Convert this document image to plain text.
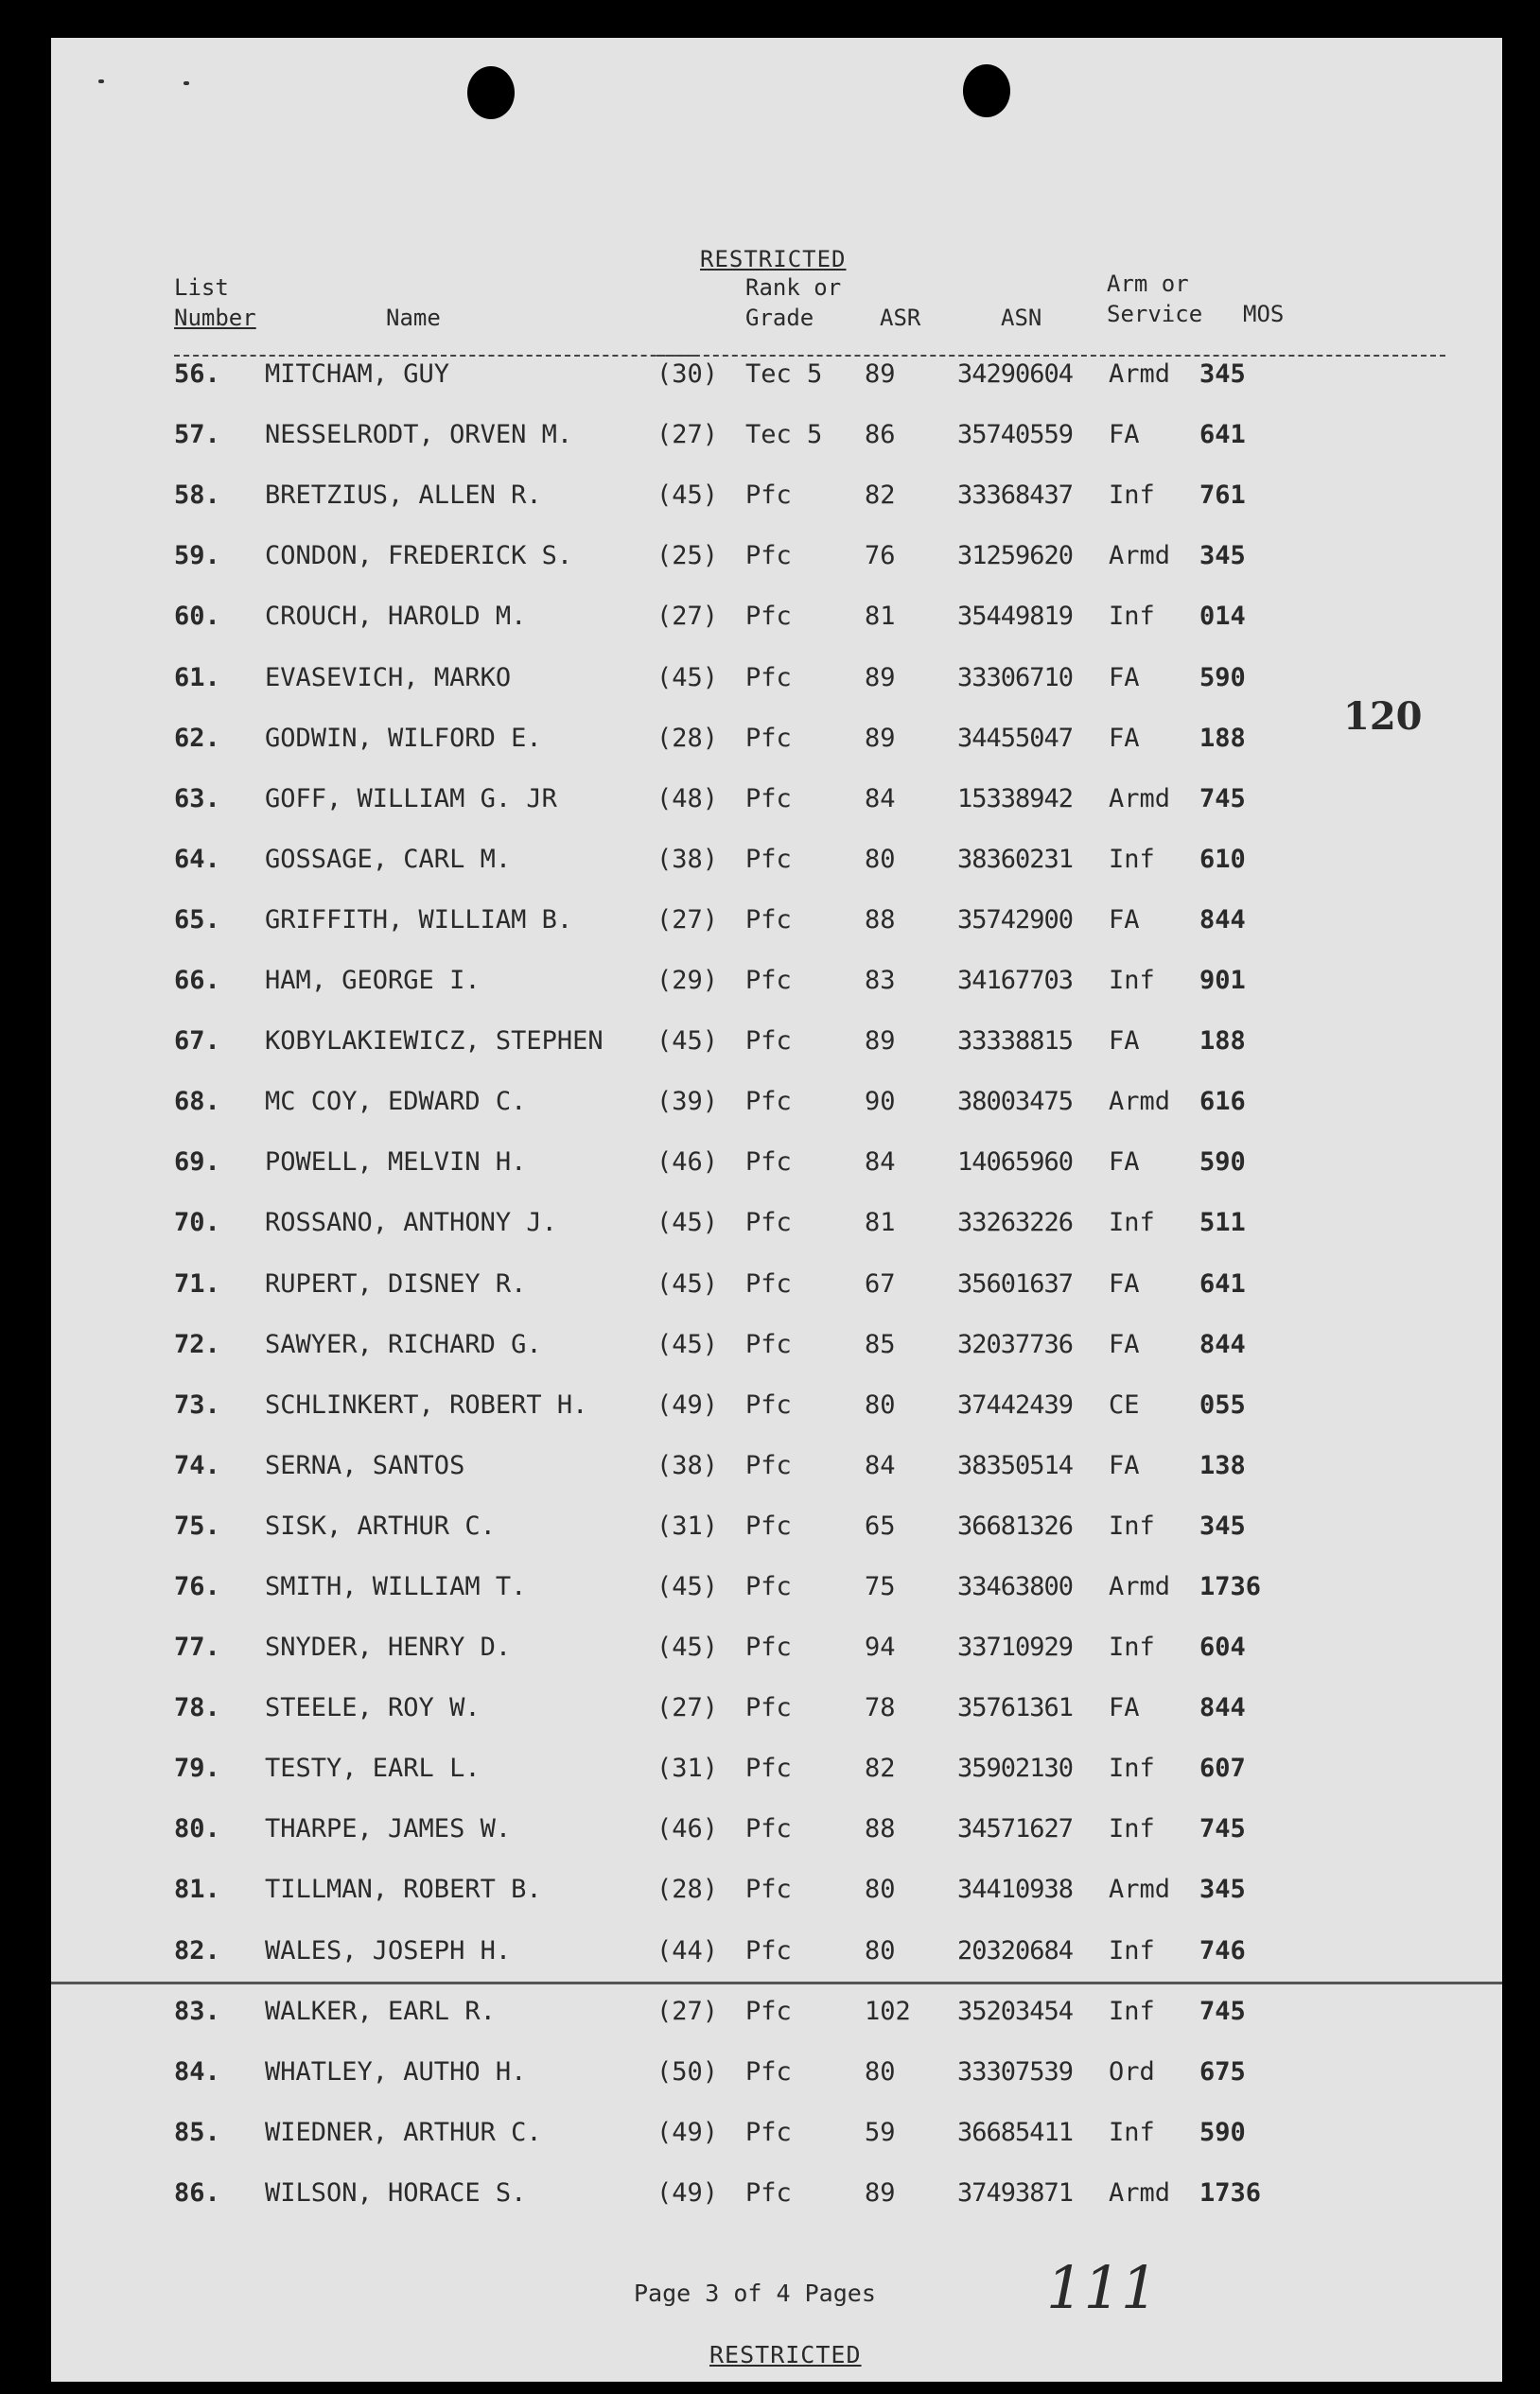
RESTRICTED
List
Number	Name
Rank or
Grade	ASR	ASN
Arm or
Service MOS
56. MITCHAM, GUY	(30) Tec 5 89 34290604 Armd 345
57. NESSELRODT, ORVEN M.	(27) Tec 5 86 35740559 FA 641
58. BRETZIUS, ALLEN R.	(45) Pfc	82 33368437 Inf 761
59. CONDON, FREDERICK S.	(25) Pfc	76 31259620 Armd 345
60. CROUCH, HAROLD M.	(27) Pfc	81 35449819 Inf 014
61. EVASEVICH, MARKO	(45) Pfc	89 33306710 FA 590
62. GODWIN, WILFORD E.	(28) Pfc	89 34455047 FA 188
63. GOFF, WILLIAM G. JR	(48) Pfc	84 15338942 Armd 745
64. GOSSAGE, CARL M.	(38) Pfc	80 38360231 Inf 610
65. GRIFFITH, WILLIAM B.	(27) Pfc	88 35742900 FA 844
66. HAM, GEORGE I.	(29) Pfc	83 34167703 Inf 901
67. KOBYLAKIEWICZ, STEPHEN (45) Pfc	89 33338815 FA 188
68. MC COY, EDWARD C.	(39) Pfc	90 38003475 Armd 616
69. POWELL, MELVIN H.	(46) Pfc	84 14065960 FA 590
70. ROSSANO, ANTHONY J.	(45) Pfc	81 33263226 Inf 511
71. RUPERT, DISNEY R.	(45) Pfc	67 35601637 FA 641
72. SAWYER, RICHARD G.	(45) Pfc	85 32037736 FA 844
73. SCHLINKERT, ROBERT H.	(49) Pfc	80 37442439 CE 055
74. SERNA, SANTOS	(38) Pfc	84 38350514 FA 138
75. SISK, ARTHUR C.	(31) Pfc	65 36681326 Inf 345
76. SMITH, WILLIAM T.	(45) Pfc	75 33463800 Armd 1736
77. SNYDER, HENRY D.	(45) Pfc	94 33710929 Inf 604
78. STEELE, ROY W.	(27) Pfc	78 35761361 FA 844
79. TESTY, EARL L.	(31) Pfc	82 35902130 Inf 607
80. THARPE, JAMES W.	(46) Pfc	88 34571627 Inf 745
81. TILLMAN, ROBERT B.	(28) Pfc	80 34410938 Armd 345
82. WALES, JOSEPH H.	(44) Pfc	80 20320684 Inf 746
83. WALKER, EARL R.	(27) Pfc	102 35203454 Inf 745
84. WHATLEY, AUTHO H.	(50) Pfc	80 33307539 Ord 675
85. WIEDNER, ARTHUR C.	(49) Pfc	59 36685411 Inf 590
86. WILSON, HORACE S.	(49) Pfc	89 37493871 Armd 1736
120
Page 3 of 4 Pages	111
RESTRICTED
